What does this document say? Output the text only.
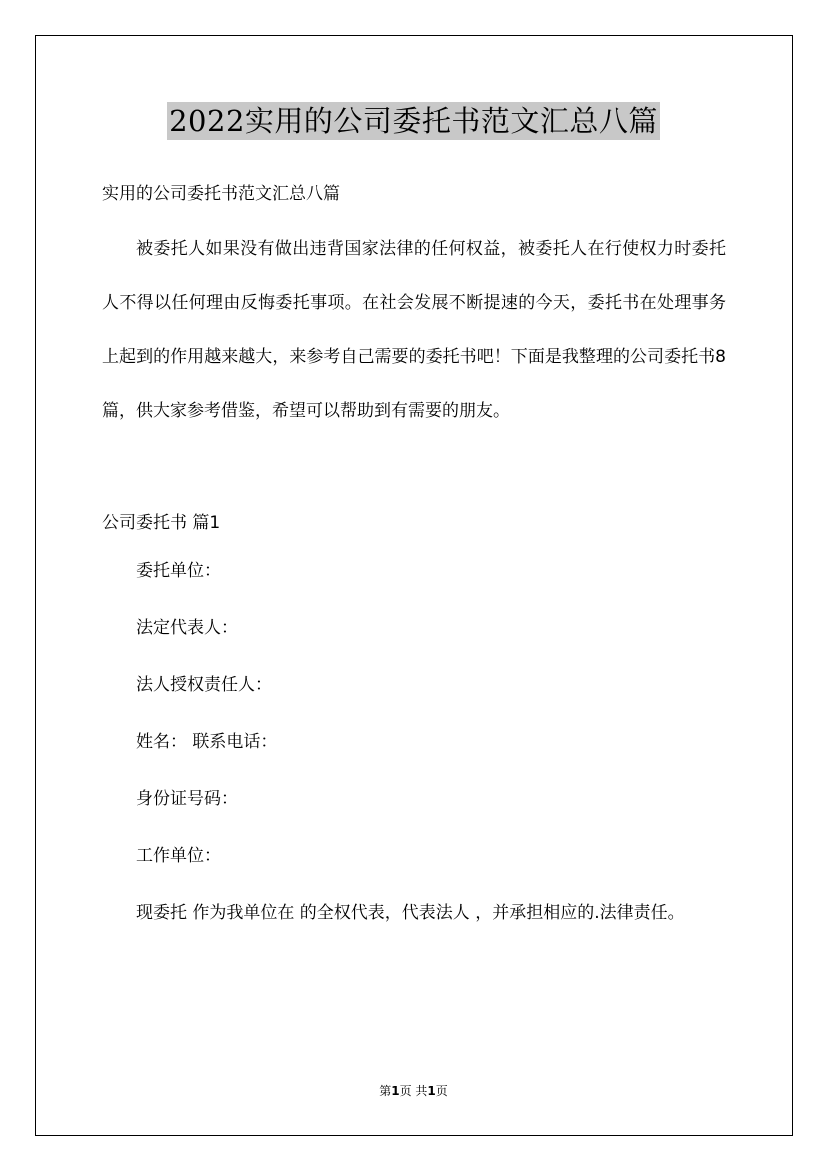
2022实用的公司委托书范文汇总八篇

实用的公司委托书范文汇总八篇

被委托人如果没有做出违背国家法律的任何权益，被委托人在行使权力时委托人不得以任何理由反悔委托事项。在社会发展不断提速的今天，委托书在处理事务上起到的作用越来越大，来参考自己需要的委托书吧！下面是我整理的公司委托书8篇，供大家参考借鉴，希望可以帮助到有需要的朋友。

公司委托书 篇1

委托单位：
法定代表人：
法人授权责任人：
姓名： 联系电话：
身份证号码：
工作单位：

现委托 作为我单位在 的全权代表，代表法人 ，并承担相应的.法律责任。

第1页 共1页
